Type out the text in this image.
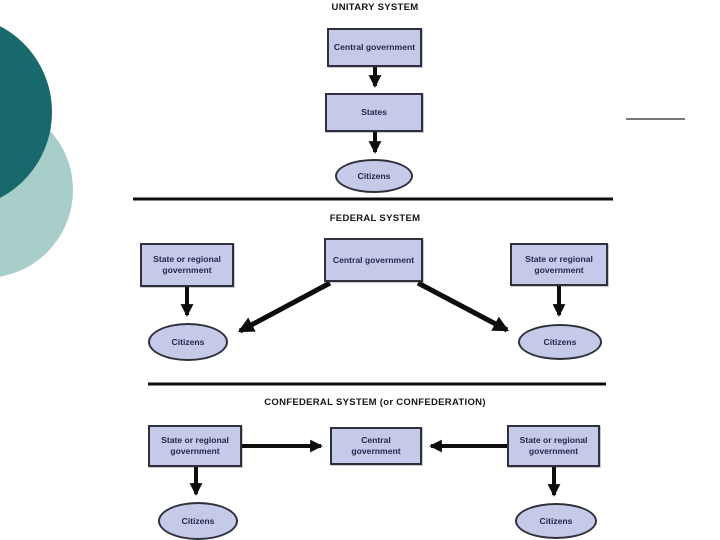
UNITARY SYSTEM
Central government
States
Citizens
FEDERAL SYSTEM
State or regional government
Central government	State or regional government
Citizens	Citizens
CONFEDERAL SYSTEM (or CONFEDERATION)
State or regional government
Central government
State or regional government
Citizens	Citizens
